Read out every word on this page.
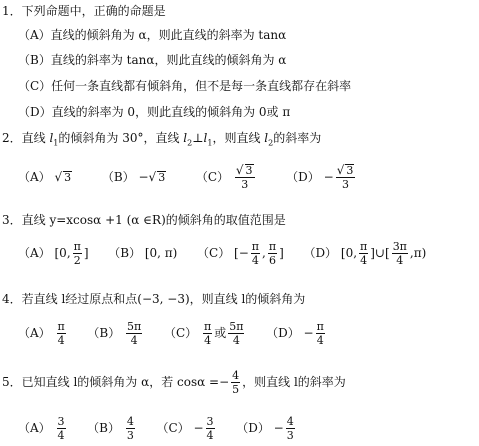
1．下列命题中，正确的命题是
（A）直线的倾斜角为 α，则此直线的斜率为 tanα
（B）直线的斜率为 tanα，则此直线的倾斜角为 α
（C）任何一条直线都有倾斜角，但不是每一条直线都存在斜率
（D）直线的斜率为 0，则此直线的倾斜角为 0或 π
2．直线 $l_1$的倾斜角为 30°，直线 $l_2\perp l_1$，则直线 $l_2$的斜率为
（A） √ 3	（B） −√ 3	$(C) \frac{√ 3}{3}$	$(D) - \frac{√ 3}{3}$
3．直线 y=xcosα +1 (α ∈R)的倾斜角的取值范围是
（A） [0, $\frac{\pi}{2}$ ] （B） [0, π) （C） [− $\frac{\pi}{4}$ , $\frac{\pi}{6}$ ] （D） [0, $\frac{\pi}{4}$ ]∪[ $\frac{3\pi}{4} ,\pi$)
4．若直线 l经过原点和点(−3, −3)，则直线 l的倾斜角为
$(A) \frac{\pi}{4} (B) \frac{5\pi}{4} (C) \frac{\pi}{4}$ 或 $\frac{5\pi}{4} (D) - \frac{\pi}{4}$
5．已知直线 l的倾斜角为 α，若 $\cos\alpha =- \frac{4}{5}$ ，则直线 l的斜率为
$(A) \frac{3}{4} (B) \frac{4}{3} (C) - \frac{3}{4} (D) - \frac{4}{3}$
